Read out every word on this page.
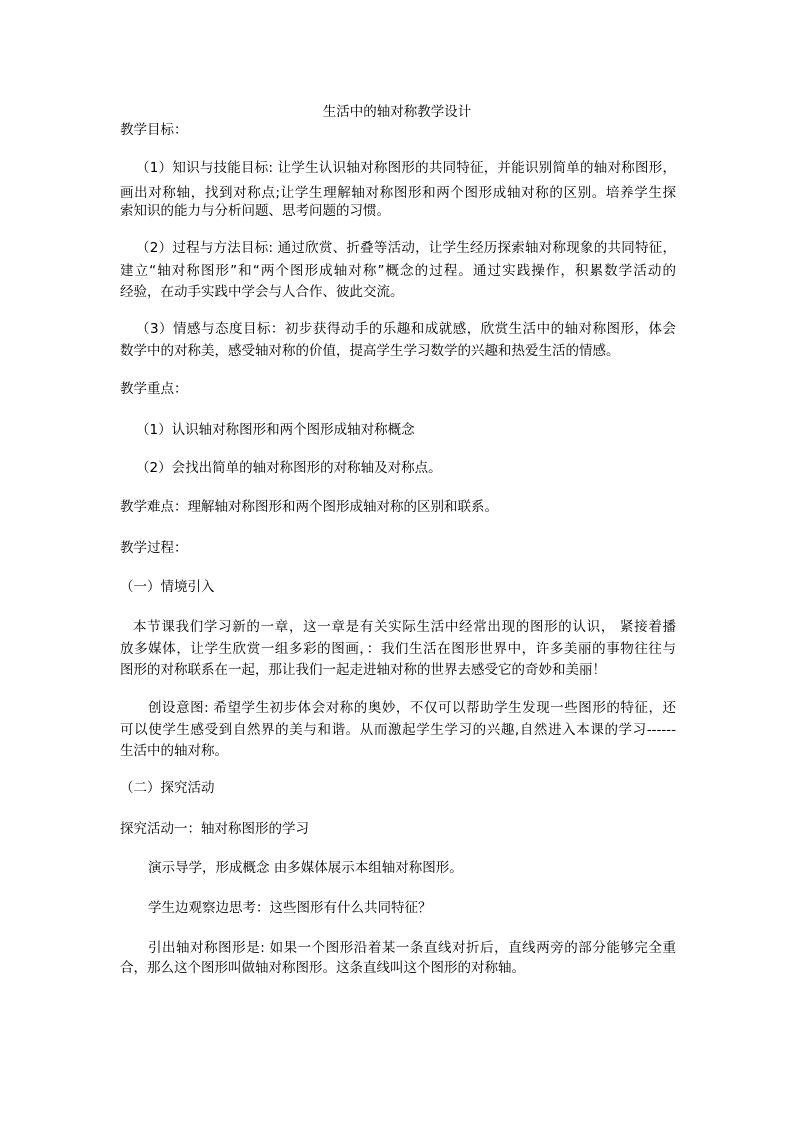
生活中的轴对称教学设计
教学目标：
（1）知识与技能目标: 让学生认识轴对称图形的共同特征，并能识别简单的轴对称图形，
画出对称轴，找到对称点;让学生理解轴对称图形和两个图形成轴对称的区别。培养学生探
索知识的能力与分析问题、思考问题的习惯。
（2）过程与方法目标: 通过欣赏、折叠等活动，让学生经历探索轴对称现象的共同特征，
建立“轴对称图形”和“两个图形成轴对称”概念的过程。通过实践操作，积累数学活动的
经验，在动手实践中学会与人合作、彼此交流。
（3）情感与态度目标：初步获得动手的乐趣和成就感，欣赏生活中的轴对称图形，体会
数学中的对称美，感受轴对称的价值，提高学生学习数学的兴趣和热爱生活的情感。
教学重点：
（1）认识轴对称图形和两个图形成轴对称概念
（2）会找出简单的轴对称图形的对称轴及对称点。
教学难点：理解轴对称图形和两个图形成轴对称的区别和联系。
教学过程：
（一）情境引入
本节课我们学习新的一章，这一章是有关实际生活中经常出现的图形的认识， 紧接着播
放多媒体，让学生欣赏一组多彩的图画，：我们生活在图形世界中，许多美丽的事物往往与
图形的对称联系在一起，那让我们一起走进轴对称的世界去感受它的奇妙和美丽！
创设意图: 希望学生初步体会对称的奥妙，不仅可以帮助学生发现一些图形的特征，还
可以使学生感受到自然界的美与和谐。从而激起学生学习的兴趣,自然进入本课的学习------
生活中的轴对称。
（二）探究活动
探究活动一：轴对称图形的学习
演示导学，形成概念 由多媒体展示本组轴对称图形。
学生边观察边思考：这些图形有什么共同特征？
引出轴对称图形是: 如果一个图形沿着某一条直线对折后，直线两旁的部分能够完全重
合，那么这个图形叫做轴对称图形。这条直线叫这个图形的对称轴。
